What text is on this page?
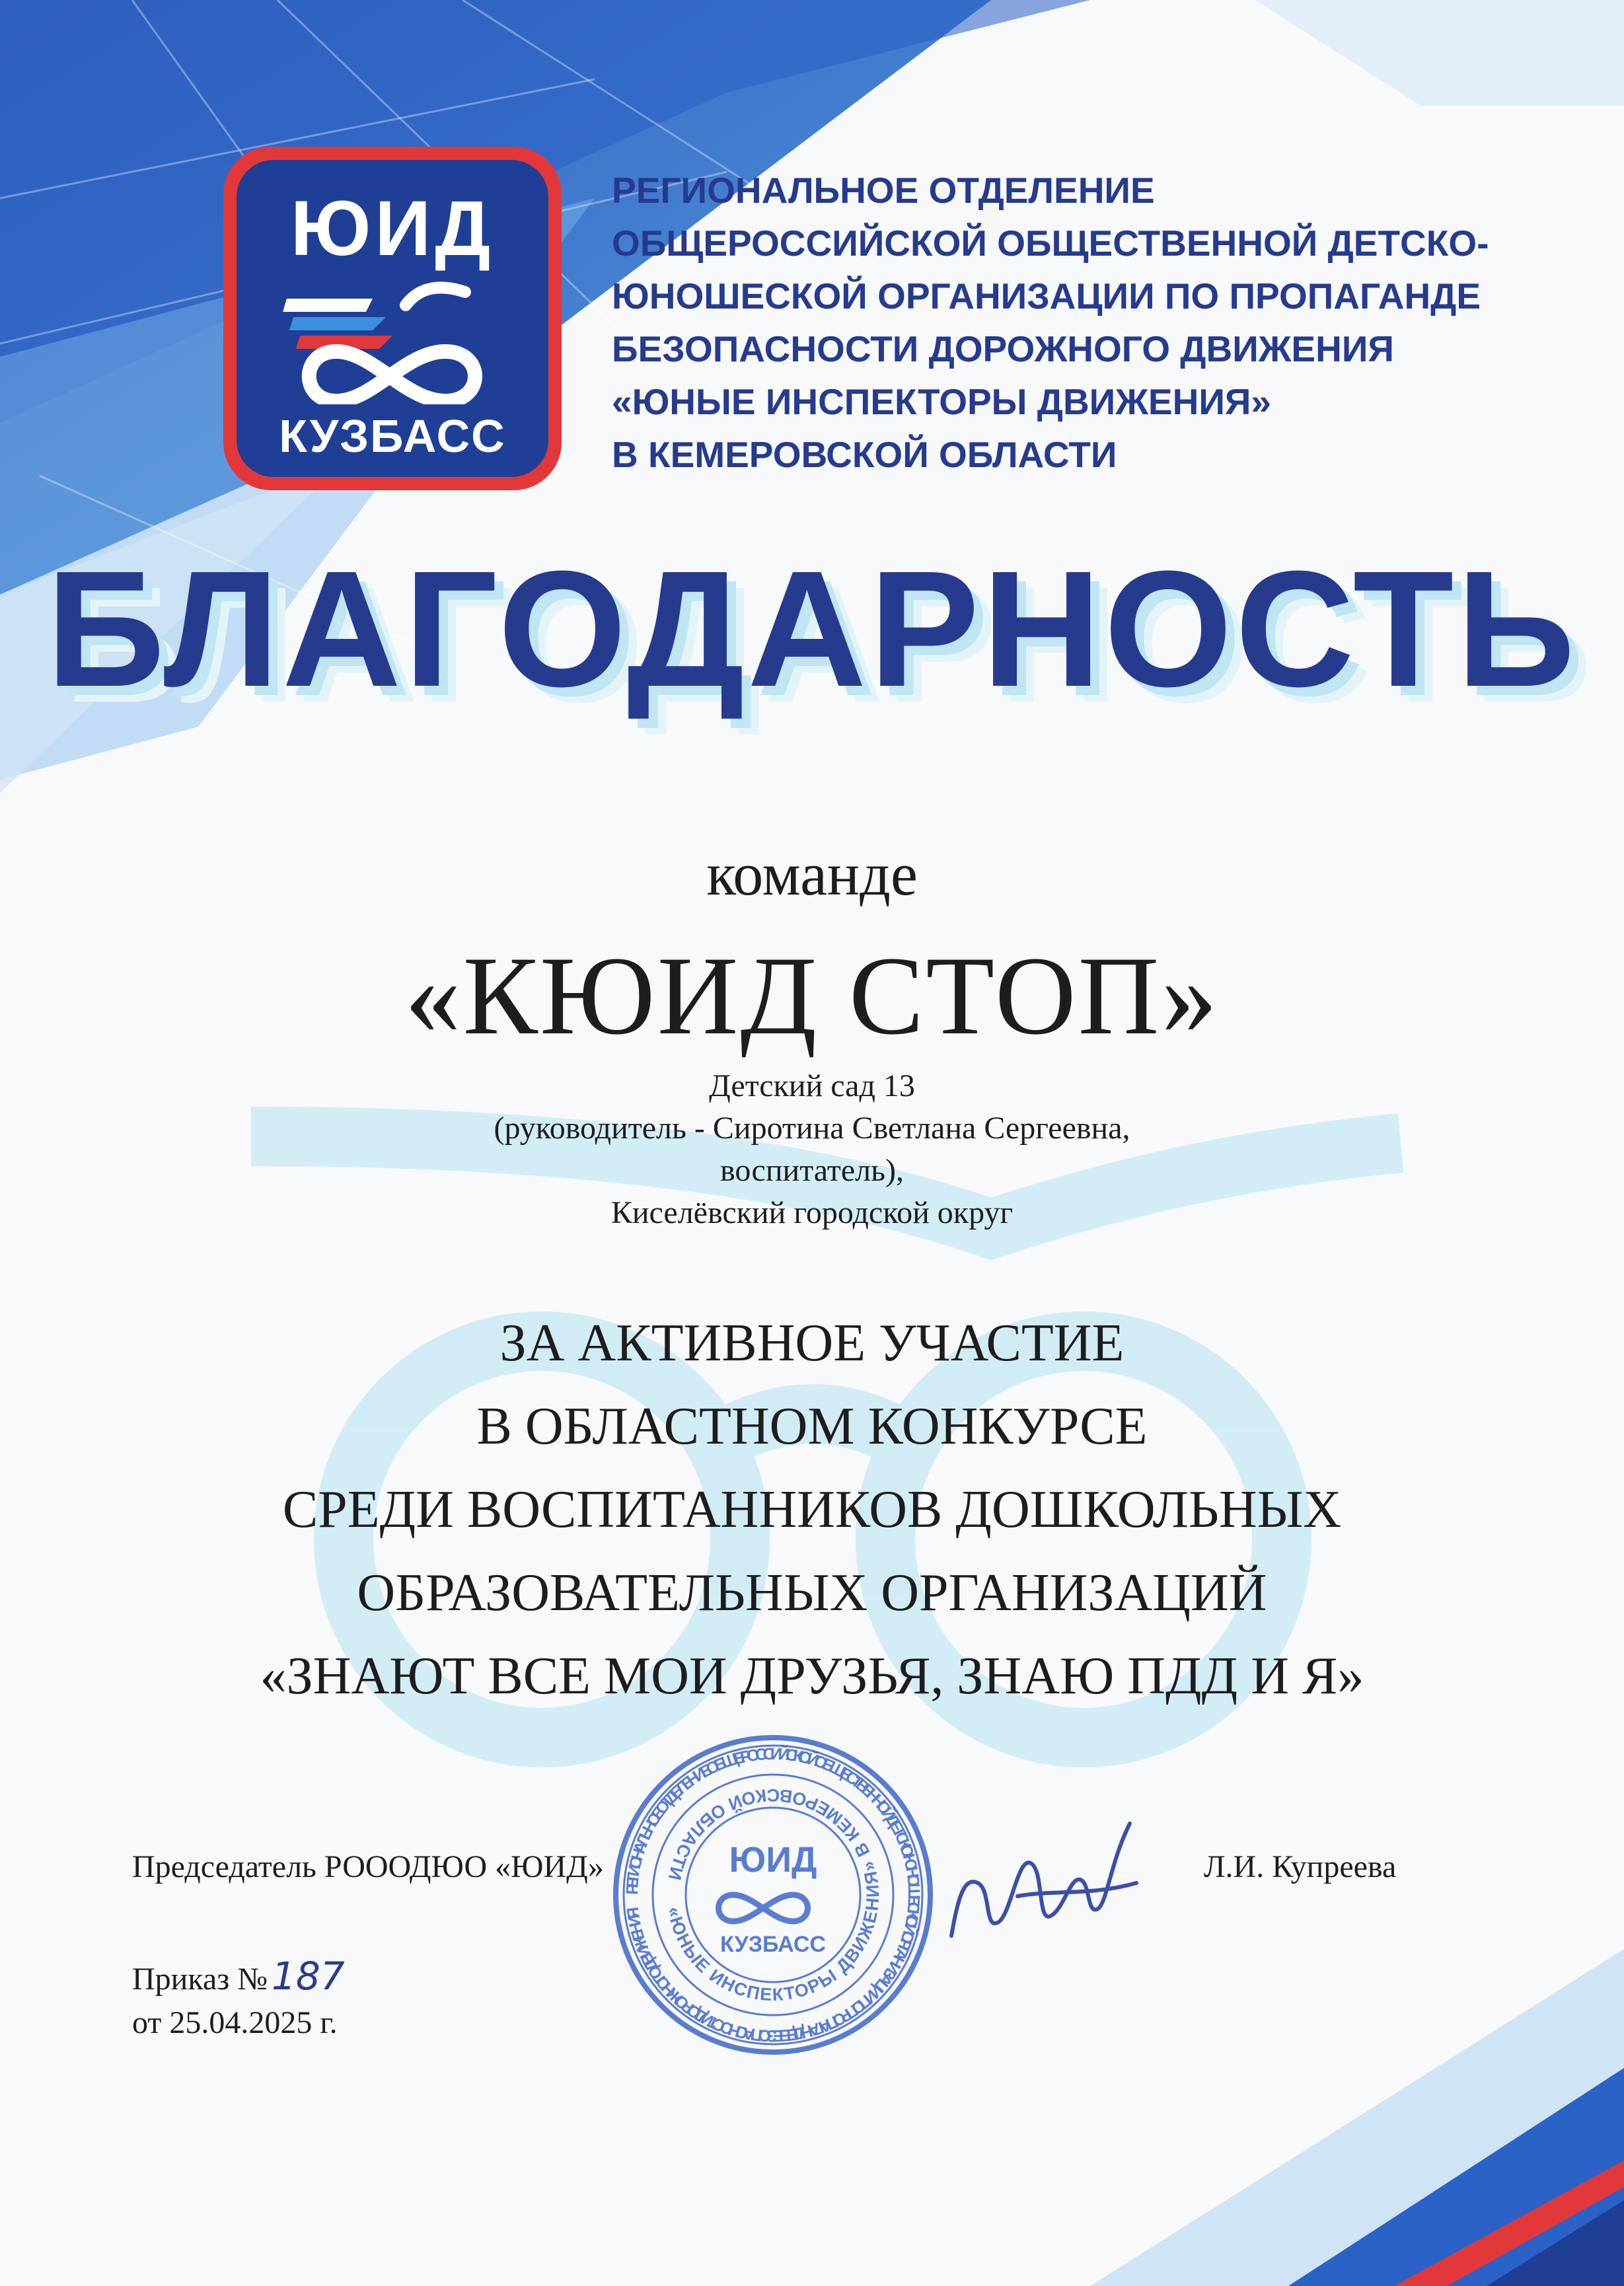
ЮИД
КУЗБАСС
РЕГИОНАЛЬНОЕ ОТДЕЛЕНИЕ
ОБЩЕРОССИЙСКОЙ ОБЩЕСТВЕННОЙ ДЕТСКО-
ЮНОШЕСКОЙ ОРГАНИЗАЦИИ ПО ПРОПАГАНДЕ
БЕЗОПАСНОСТИ ДОРОЖНОГО ДВИЖЕНИЯ
«ЮНЫЕ ИНСПЕКТОРЫ ДВИЖЕНИЯ»
В КЕМЕРОВСКОЙ ОБЛАСТИ
БЛАГОДАРНОСТЬ
команде
«КЮИД СТОП»
Детский сад 13
(руководитель - Сиротина Светлана Сергеевна,
воспитатель),
Киселёвский городской округ
ЗА АКТИВНОЕ УЧАСТИЕ
В ОБЛАСТНОМ КОНКУРСЕ
СРЕДИ ВОСПИТАННИКОВ ДОШКОЛЬНЫХ
ОБРАЗОВАТЕЛЬНЫХ ОРГАНИЗАЦИЙ
«ЗНАЮТ ВСЕ МОИ ДРУЗЬЯ, ЗНАЮ ПДД И Я»
Председатель РОООДЮО «ЮИД»	Л.И. Купреева
Приказ № 187
от 25.04.2025 г.
РЕГИОНАЛЬНОЕ ОТДЕЛЕНИЕ ОБЩЕРОССИЙСКОЙ ОБЩЕСТВЕННОЙ ДЕТСКО-ЮНОШЕСКОЙ ОРГАНИЗАЦИИ ПО ПРОПАГАНДЕ БЕЗОПАСНОСТИ ДОРОЖНОГО ДВИЖЕНИЯ	«ЮНЫЕ ИНСПЕКТОРЫ ДВИЖЕНИЯ» В КЕМЕРОВСКОЙ ОБЛАСТИ	ЮИД
КУЗБАСС
